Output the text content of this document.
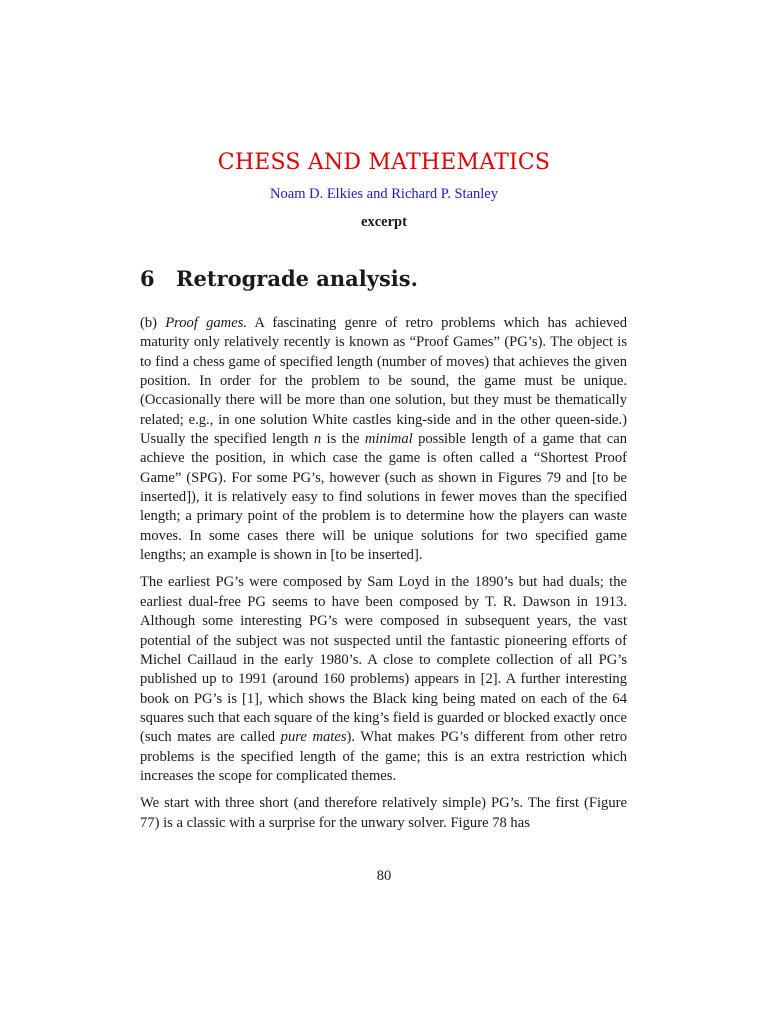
CHESS AND MATHEMATICS
Noam D. Elkies and Richard P. Stanley
excerpt
6 Retrograde analysis.

(b) Proof games. A fascinating genre of retro problems which has achieved maturity only relatively recently is known as “Proof Games” (PG’s). The object is to find a chess game of specified length (number of moves) that achieves the given position. In order for the problem to be sound, the game must be unique. (Occasionally there will be more than one solution, but they must be thematically related; e.g., in one solution White castles king-side and in the other queen-side.) Usually the specified length n is the minimal possible length of a game that can achieve the position, in which case the game is often called a “Shortest Proof Game” (SPG). For some PG’s, however (such as shown in Figures 79 and [to be inserted]), it is relatively easy to find solutions in fewer moves than the specified length; a primary point of the problem is to determine how the players can waste moves. In some cases there will be unique solutions for two specified game lengths; an example is shown in [to be inserted].

The earliest PG’s were composed by Sam Loyd in the 1890’s but had duals; the earliest dual-free PG seems to have been composed by T. R. Dawson in 1913. Although some interesting PG’s were composed in subsequent years, the vast potential of the subject was not suspected until the fantastic pioneering efforts of Michel Caillaud in the early 1980’s. A close to complete collection of all PG’s published up to 1991 (around 160 problems) appears in [2]. A further interesting book on PG’s is [1], which shows the Black king being mated on each of the 64 squares such that each square of the king’s field is guarded or blocked exactly once (such mates are called pure mates). What makes PG’s different from other retro problems is the specified length of the game; this is an extra restriction which increases the scope for complicated themes.

We start with three short (and therefore relatively simple) PG’s. The first (Figure 77) is a classic with a surprise for the unwary solver. Figure 78 has

80
